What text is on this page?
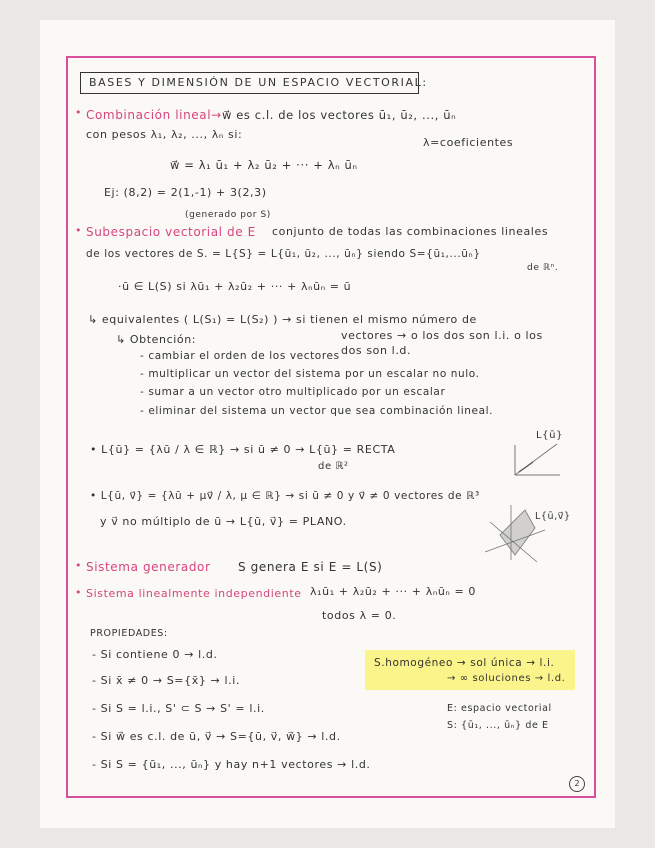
BASES Y DIMENSIÓN DE UN ESPACIO VECTORIAL:
• Combinación lineal→ w⃗ es c.l. de los vectores ū₁, ū₂, ..., ūₙ
con pesos λ₁, λ₂, ..., λₙ si:
λ=coeficientes
w⃗ = λ₁ ū₁ + λ₂ ū₂ + ··· + λₙ ūₙ
Ej: (8,2) = 2(1,-1) + 3(2,3)
(generado por S)
• Subespacio vectorial de E conjunto de todas las combinaciones lineales
de los vectores de S. = L{S} = L{ū₁, ū₂, ..., ūₙ} siendo S={ū₁,...ūₙ}
de ℝⁿ.
·ū ∈ L(S) si λū₁ + λ₂ū₂ + ··· + λₙūₙ = ū
↳ equivalentes ( L(S₁) = L(S₂) ) → si tienen el mismo número de
vectores → o los dos son l.i. o los
dos son l.d.
↳ Obtención:
- cambiar el orden de los vectores
- multiplicar un vector del sistema por un escalar no nulo.
- sumar a un vector otro multiplicado por un escalar
- eliminar del sistema un vector que sea combinación lineal.
• L{ū} = {λū / λ ∈ ℝ} → si ū ≠ 0 → L{ū} = RECTA
de ℝ²
L{ū}
• L{ū, v⃗} = {λū + μv⃗ / λ, μ ∈ ℝ} → si ū ≠ 0 y v⃗ ≠ 0 vectores de ℝ³
y v⃗ no múltiplo de ū → L{ū, v⃗} = PLANO.	L{ū,v⃗}
• Sistema generador S genera E si E = L(S)
• Sistema linealmente independiente λ₁ū₁ + λ₂ū₂ + ··· + λₙūₙ = 0
todos λ = 0.
PROPIEDADES:
- Si contiene 0 → l.d.
- Si x̄ ≠ 0 → S={x̄} → l.i.
- Si S = l.i., S' ⊂ S → S' = l.i.
- Si w⃗ es c.l. de ū, v⃗ → S={ū, v⃗, w⃗} → l.d.
- Si S = {ū₁, ..., ūₙ} y hay n+1 vectores → l.d.
S.homogéneo → sol única → l.i.
→ ∞ soluciones → l.d.
E: espacio vectorial
S: {ū₁, ..., ūₙ} de E
2
